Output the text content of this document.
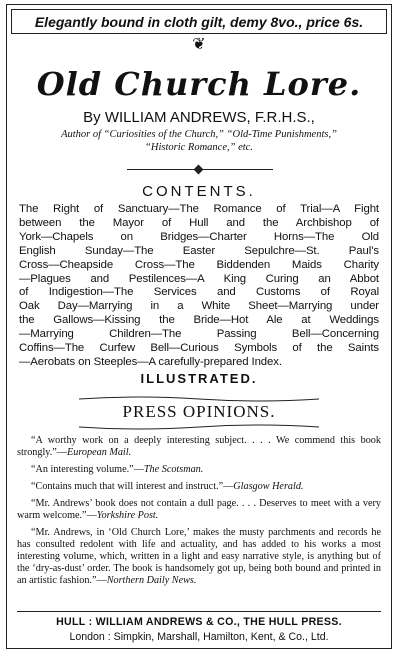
Elegantly bound in cloth gilt, demy 8vo., price 6s.
❦
Old Church Lore.
By WILLIAM ANDREWS, F.R.H.S.,
Author of “Curiosities of the Church,” “Old-Time Punishments,”
“Historic Romance,” etc.
CONTENTS.
The Right of Sanctuary—The Romance of Trial—A Fight
between the Mayor of Hull and the Archbishop of
York—Chapels on Bridges—Charter Horns—The Old
English Sunday—The Easter Sepulchre—St. Paul’s
Cross—Cheapside Cross—The Biddenden Maids Charity
—Plagues and Pestilences—A King Curing an Abbot
of Indigestion—The Services and Customs of Royal
Oak Day—Marrying in a White Sheet—Marrying under
the Gallows—Kissing the Bride—Hot Ale at Weddings
—Marrying Children—The Passing Bell—Concerning
Coffins—The Curfew Bell—Curious Symbols of the Saints
—Aerobats on Steeples—A carefully-prepared Index.
ILLUSTRATED.
PRESS OPINIONS.
“A worthy work on a deeply interesting subject. . . . We commend this book strongly.”—European Mail.
“An interesting volume.”—The Scotsman.
“Contains much that will interest and instruct.”—Glasgow Herald.
“Mr. Andrews’ book does not contain a dull page. . . . Deserves to meet with a very warm welcome.”—Yorkshire Post.
“Mr. Andrews, in ‘Old Church Lore,’ makes the musty parchments and records he has consulted redolent with life and actuality, and has added to his works a most interesting volume, which, written in a light and easy narrative style, is anything but of the ‘dry-as-dust’ order. The book is handsomely got up, being both bound and printed in an artistic fashion.”—Northern Daily News.
HULL : WILLIAM ANDREWS & CO., THE HULL PRESS.
London : Simpkin, Marshall, Hamilton, Kent, & Co., Ltd.
